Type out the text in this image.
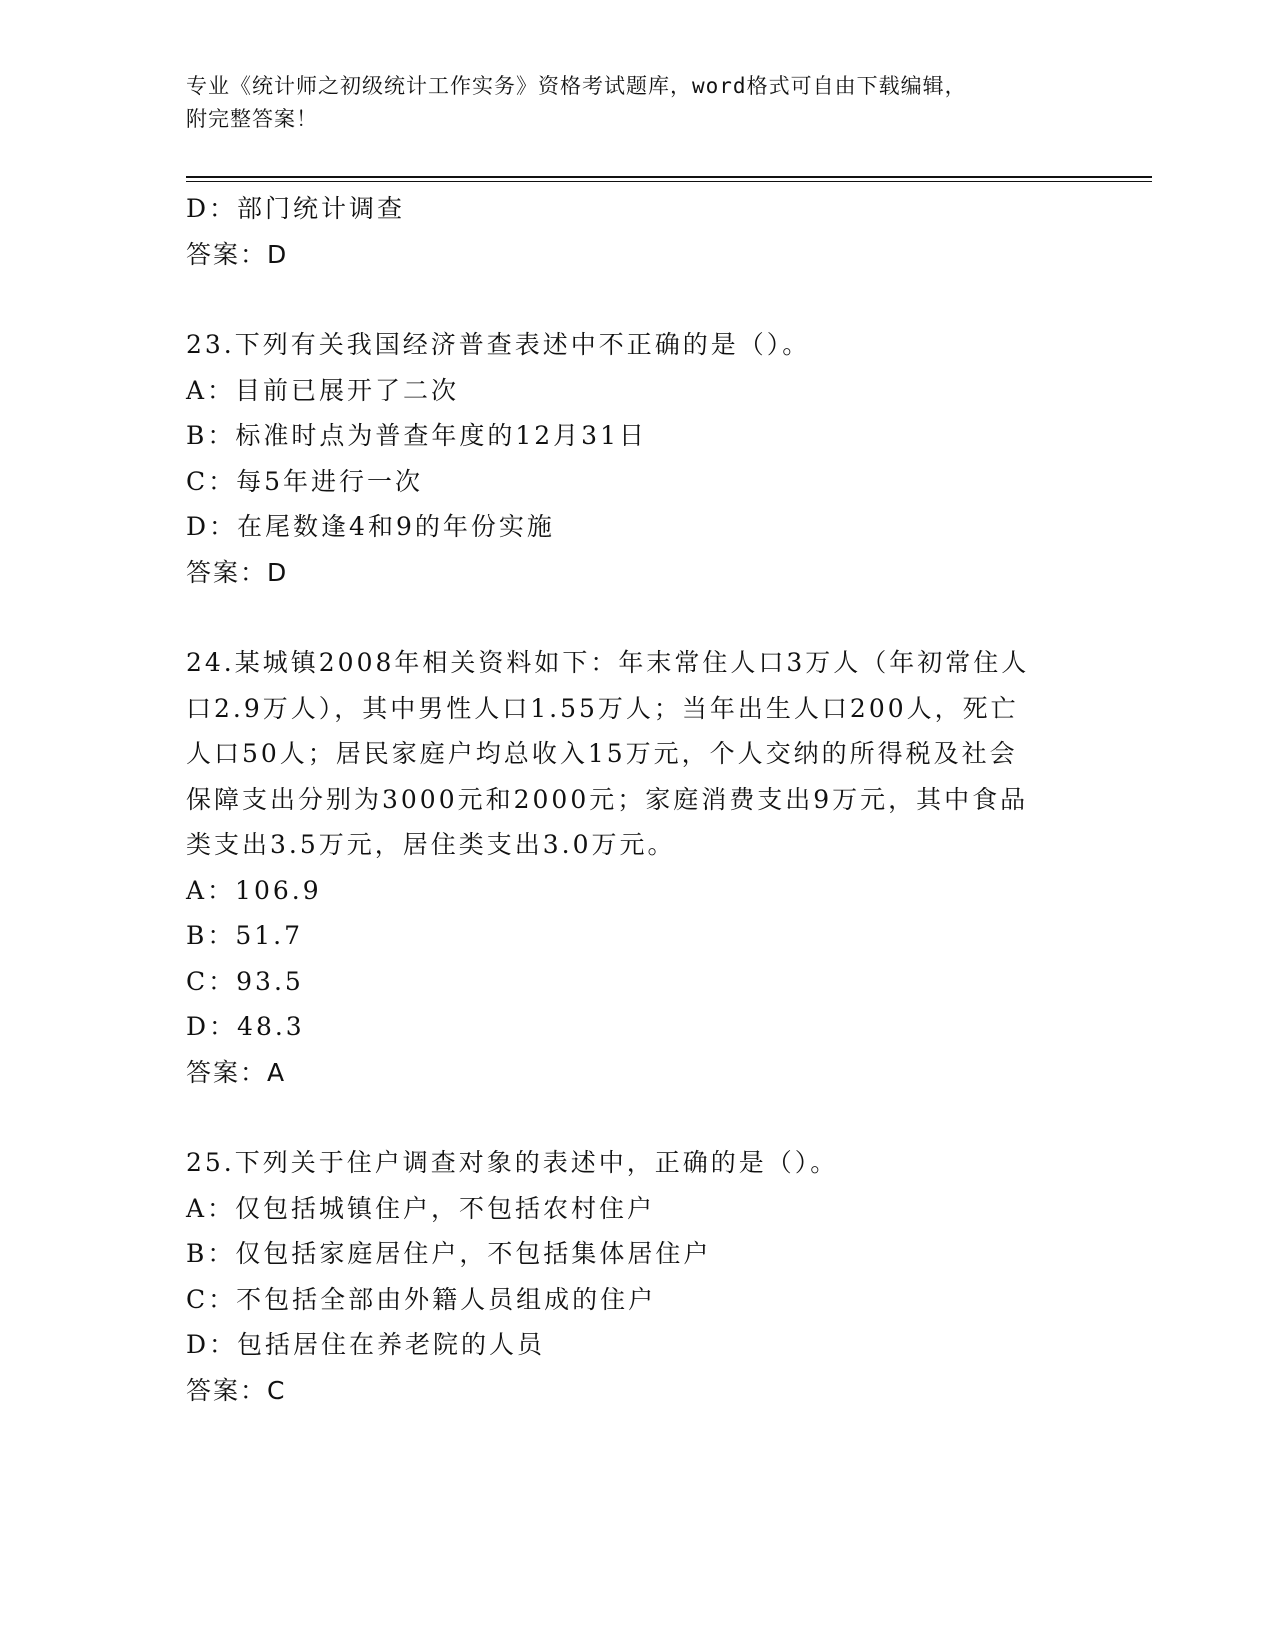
专业《统计师之初级统计工作实务》资格考试题库，word格式可自由下载编辑，
附完整答案！
D：部门统计调查
答案：D
23.下列有关我国经济普查表述中不正确的是（）。
A：目前已展开了二次
B：标准时点为普查年度的12月31日
C：每5年进行一次
D：在尾数逢4和9的年份实施
答案：D
24.某城镇2008年相关资料如下：年末常住人口3万人（年初常住人
口2.9万人），其中男性人口1.55万人；当年出生人口200人，死亡
人口50人；居民家庭户均总收入15万元，个人交纳的所得税及社会
保障支出分别为3000元和2000元；家庭消费支出9万元，其中食品
类支出3.5万元，居住类支出3.0万元。
A：106.9
B：51.7
C：93.5
D：48.3
答案：A
25.下列关于住户调查对象的表述中，正确的是（）。
A：仅包括城镇住户，不包括农村住户
B：仅包括家庭居住户，不包括集体居住户
C：不包括全部由外籍人员组成的住户
D：包括居住在养老院的人员
答案：C
